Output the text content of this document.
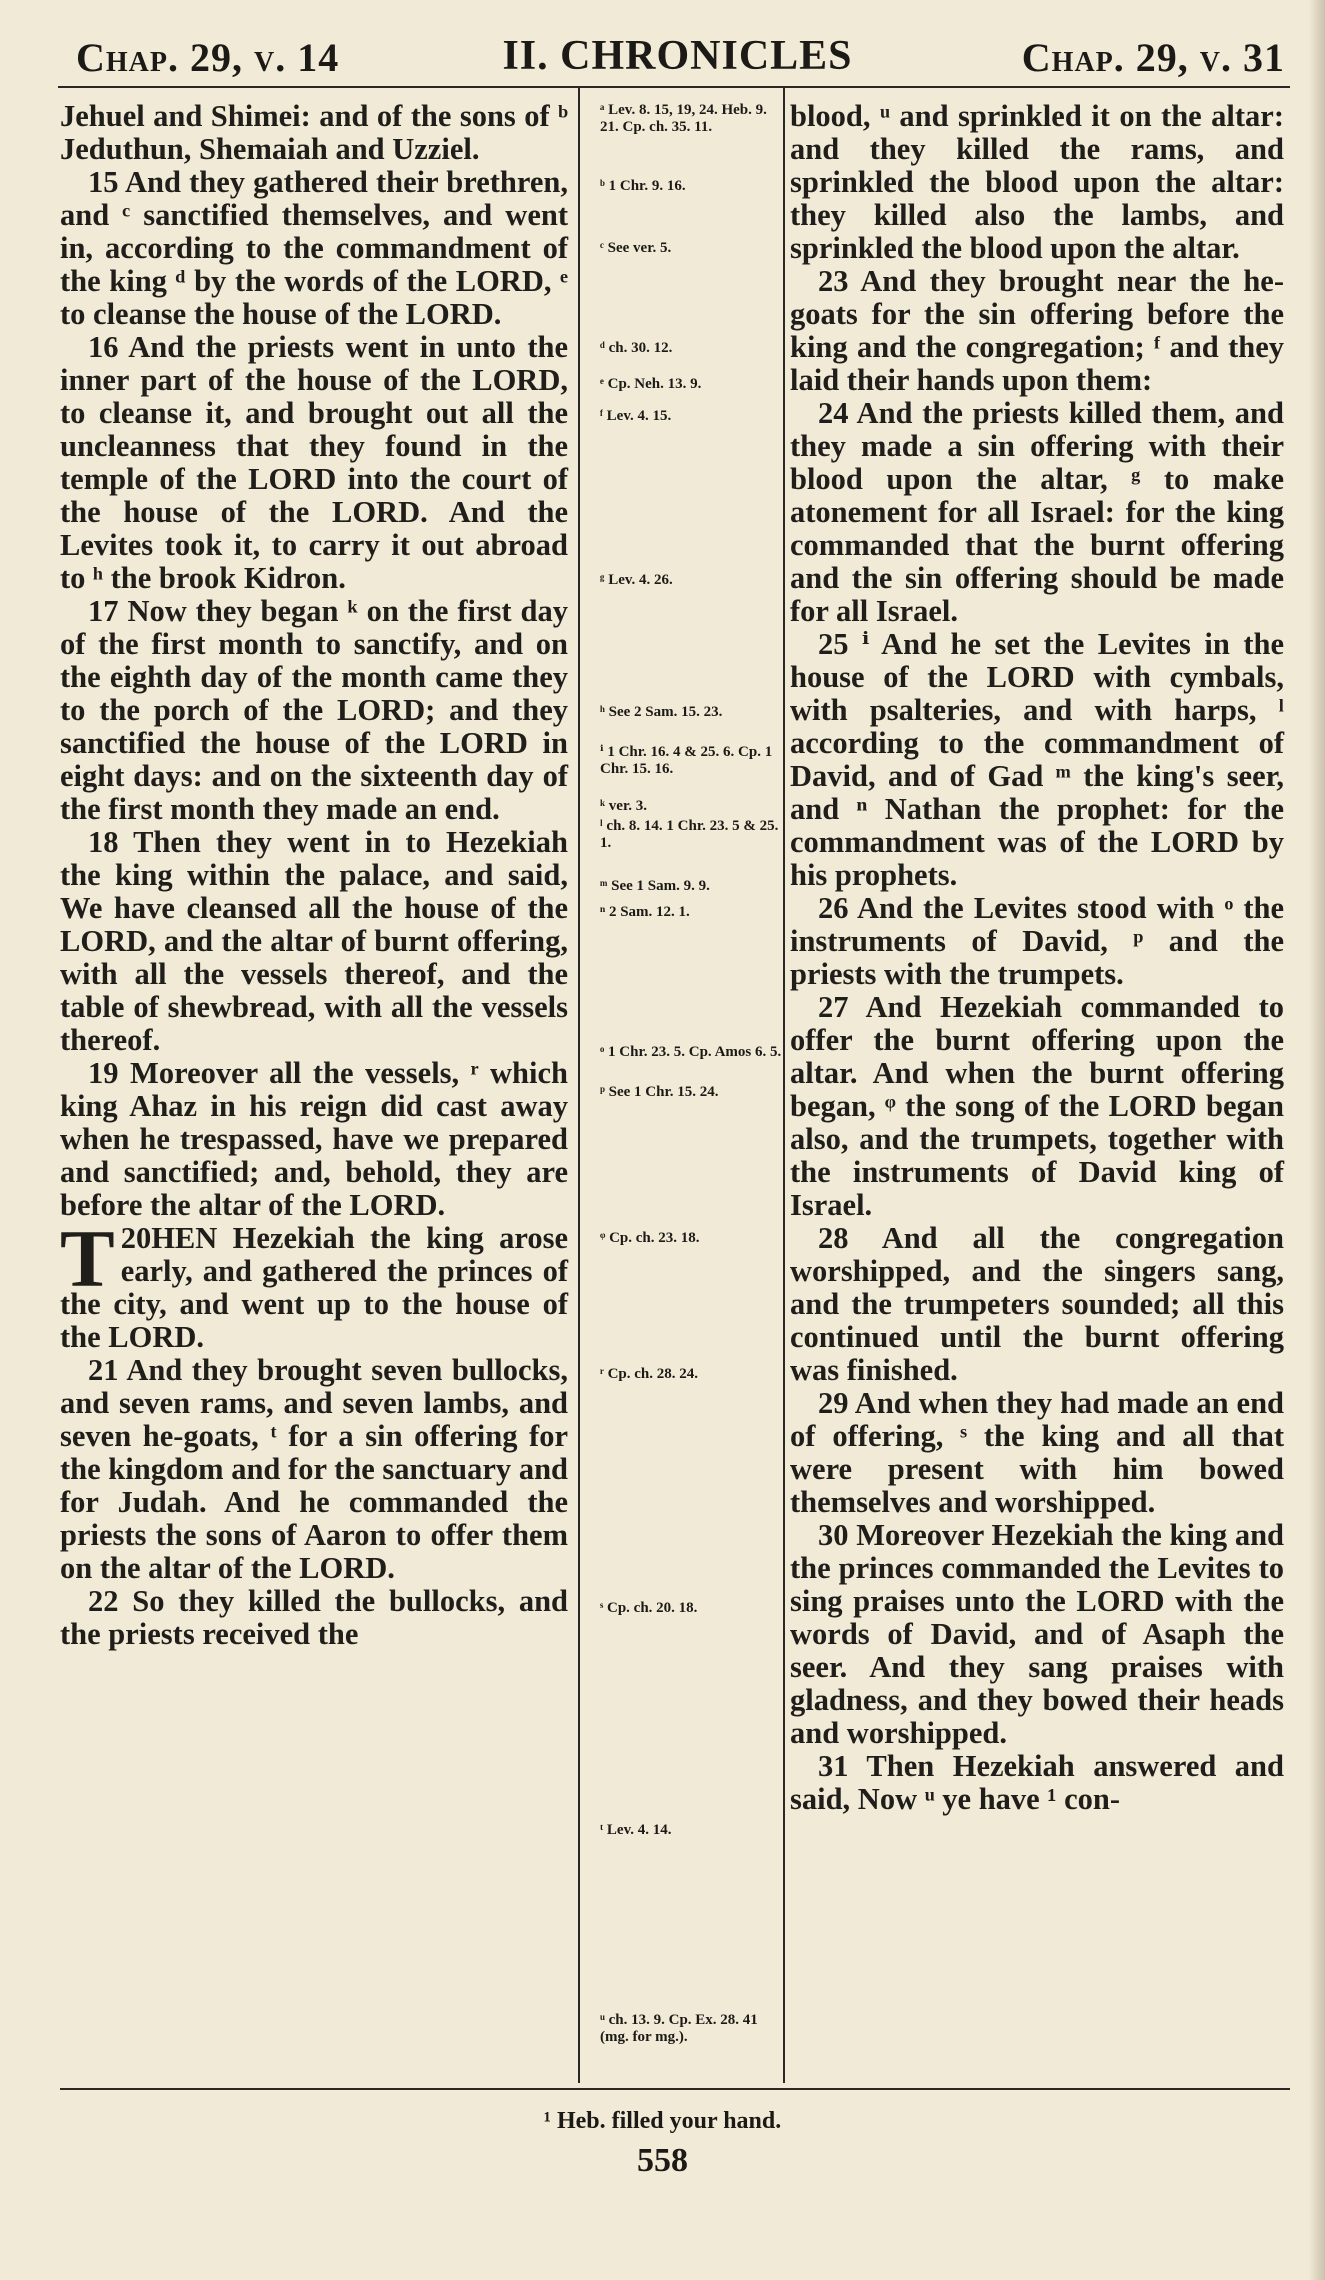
Chap. 29, v. 14	II. CHRONICLES	Chap. 29, v. 31

Jehuel and Shimei: and of the sons of ᵇ Jeduthun, Shemaiah and Uzziel.

15 And they gathered their brethren, and ᶜ sanctified themselves, and went in, according to the commandment of the king ᵈ by the words of the LORD, ᵉ to cleanse the house of the LORD.

16 And the priests went in unto the inner part of the house of the LORD, to cleanse it, and brought out all the uncleanness that they found in the temple of the LORD into the court of the house of the LORD. And the Levites took it, to carry it out abroad to ʰ the brook Kidron.

17 Now they began ᵏ on the first day of the first month to sanctify, and on the eighth day of the month came they to the porch of the LORD; and they sanctified the house of the LORD in eight days: and on the sixteenth day of the first month they made an end.

18 Then they went in to Hezekiah the king within the palace, and said, We have cleansed all the house of the LORD, and the altar of burnt offering, with all the vessels thereof, and the table of shewbread, with all the vessels thereof.

19 Moreover all the vessels, ʳ which king Ahaz in his reign did cast away when he trespassed, have we prepared and sanctified; and, behold, they are before the altar of the LORD.

20
T HEN Hezekiah the king arose early, and gathered the princes of the city, and went up to the house of the LORD.

21 And they brought seven bullocks, and seven rams, and seven lambs, and seven he-goats, ᵗ for a sin offering for the kingdom and for the sanctuary and for Judah. And he commanded the priests the sons of Aaron to offer them on the altar of the LORD.

22 So they killed the bullocks, and the priests received the

ᵃ Lev. 8. 15, 19, 24. Heb. 9. 21. Cp. ch. 35. 11.
ᵇ 1 Chr. 9. 16.
ᶜ See ver. 5.
ᵈ ch. 30. 12.
ᵉ Cp. Neh. 13. 9.
ᶠ Lev. 4. 15.
ᵍ Lev. 4. 26.
ʰ See 2 Sam. 15. 23.
ⁱ 1 Chr. 16. 4 & 25. 6. Cp. 1 Chr. 15. 16.
ᵏ ver. 3.
ˡ ch. 8. 14. 1 Chr. 23. 5 & 25. 1.
ᵐ See 1 Sam. 9. 9.
ⁿ 2 Sam. 12. 1.
ᵒ 1 Chr. 23. 5. Cp. Amos 6. 5.
ᵖ See 1 Chr. 15. 24.
ᵠ Cp. ch. 23. 18.
ʳ Cp. ch. 28. 24.
ˢ Cp. ch. 20. 18.
ᵗ Lev. 4. 14.
ᵘ ch. 13. 9. Cp. Ex. 28. 41 (mg. for mg.).

blood, ᵘ and sprinkled it on the altar: and they killed the rams, and sprinkled the blood upon the altar: they killed also the lambs, and sprinkled the blood upon the altar.

23 And they brought near the he-goats for the sin offering before the king and the congregation; ᶠ and they laid their hands upon them:

24 And the priests killed them, and they made a sin offering with their blood upon the altar, ᵍ to make atonement for all Israel: for the king commanded that the burnt offering and the sin offering should be made for all Israel.

25 ⁱ And he set the Levites in the house of the LORD with cymbals, with psalteries, and with harps, ˡ according to the commandment of David, and of Gad ᵐ the king's seer, and ⁿ Nathan the prophet: for the commandment was of the LORD by his prophets.

26 And the Levites stood with ᵒ the instruments of David, ᵖ and the priests with the trumpets.

27 And Hezekiah commanded to offer the burnt offering upon the altar. And when the burnt offering began, ᵠ the song of the LORD began also, and the trumpets, together with the instruments of David king of Israel.

28 And all the congregation worshipped, and the singers sang, and the trumpeters sounded; all this continued until the burnt offering was finished.

29 And when they had made an end of offering, ˢ the king and all that were present with him bowed themselves and worshipped.

30 Moreover Hezekiah the king and the princes commanded the Levites to sing praises unto the LORD with the words of David, and of Asaph the seer. And they sang praises with gladness, and they bowed their heads and worshipped.

31 Then Hezekiah answered and said, Now ᵘ ye have ¹ con-

¹ Heb. filled your hand.
558
